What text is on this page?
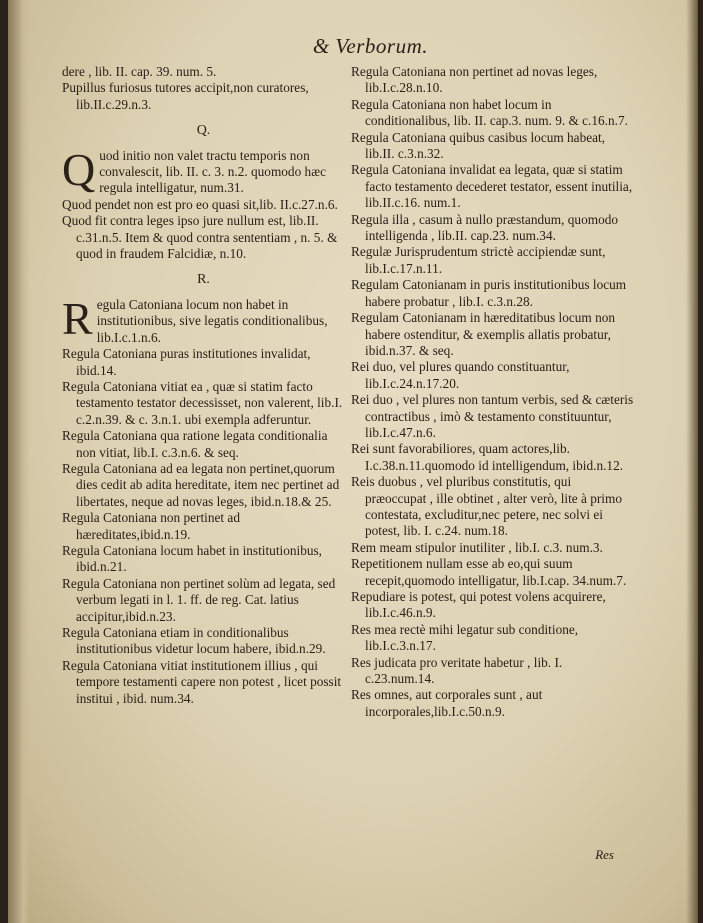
& Verborum.

dere , lib. II. cap. 39. num. 5.

Pupillus furiosus tutores accipit,non curatores, lib.II.c.29.n.3.

Q.

Quod initio non valet tractu temporis non convalescit, lib. II. c. 3. n.2. quomodo hæc regula intelligatur, num.31.

Quod pendet non est pro eo quasi sit,lib. II.c.27.n.6.

Quod fit contra leges ipso jure nullum est, lib.II. c.31.n.5. Item & quod contra sententiam , n. 5. & quod in fraudem Falcidiæ, n.10.

R.

Regula Catoniana locum non habet in institutionibus, sive legatis conditionalibus, lib.I.c.1.n.6.

Regula Catoniana puras institutiones invalidat, ibid.14.

Regula Catoniana vitiat ea , quæ si statim facto testamento testator decessisset, non valerent, lib.I. c.2.n.39. & c. 3.n.1. ubi exempla adferuntur.

Regula Catoniana qua ratione legata conditionalia non vitiat, lib.I. c.3.n.6. & seq.

Regula Catoniana ad ea legata non pertinet,quorum dies cedit ab adita hereditate, item nec pertinet ad libertates, neque ad novas leges, ibid.n.18.& 25.

Regula Catoniana non pertinet ad hæreditates,ibid.n.19.

Regula Catoniana locum habet in institutionibus, ibid.n.21.

Regula Catoniana non pertinet solùm ad legata, sed verbum legati in l. 1. ff. de reg. Cat. latius accipitur,ibid.n.23.

Regula Catoniana etiam in conditionalibus institutionibus videtur locum habere, ibid.n.29.

Regula Catoniana vitiat institutionem illius , qui tempore testamenti capere non potest , licet possit institui , ibid. num.34.

Regula Catoniana non pertinet ad novas leges, lib.I.c.28.n.10.

Regula Catoniana non habet locum in conditionalibus, lib. II. cap.3. num. 9. & c.16.n.7.

Regula Catoniana quibus casibus locum habeat, lib.II. c.3.n.32.

Regula Catoniana invalidat ea legata, quæ si statim facto testamento decederet testator, essent inutilia, lib.II.c.16. num.1.

Regula illa , casum à nullo præstandum, quomodo intelligenda , lib.II. cap.23. num.34.

Regulæ Jurisprudentum strictè accipiendæ sunt, lib.I.c.17.n.11.

Regulam Catonianam in puris institutionibus locum habere probatur , lib.I. c.3.n.28.

Regulam Catonianam in hæreditatibus locum non habere ostenditur, & exemplis allatis probatur, ibid.n.37. & seq.

Rei duo, vel plures quando constituantur, lib.I.c.24.n.17.20.

Rei duo , vel plures non tantum verbis, sed & cæteris contractibus , imò & testamento constituuntur, lib.I.c.47.n.6.

Rei sunt favorabiliores, quam actores,lib. I.c.38.n.11.quomodo id intelligendum, ibid.n.12.

Reis duobus , vel pluribus constitutis, qui præoccupat , ille obtinet , alter verò, lite à primo contestata, excluditur,nec petere, nec solvi ei potest, lib. I. c.24. num.18.

Rem meam stipulor inutiliter , lib.I. c.3. num.3.

Repetitionem nullam esse ab eo,qui suum recepit,quomodo intelligatur, lib.I.cap. 34.num.7.

Repudiare is potest, qui potest volens acquirere, lib.I.c.46.n.9.

Res mea rectè mihi legatur sub conditione, lib.I.c.3.n.17.

Res judicata pro veritate habetur , lib. I. c.23.num.14.

Res omnes, aut corporales sunt , aut incorporales,lib.I.c.50.n.9.

Res
